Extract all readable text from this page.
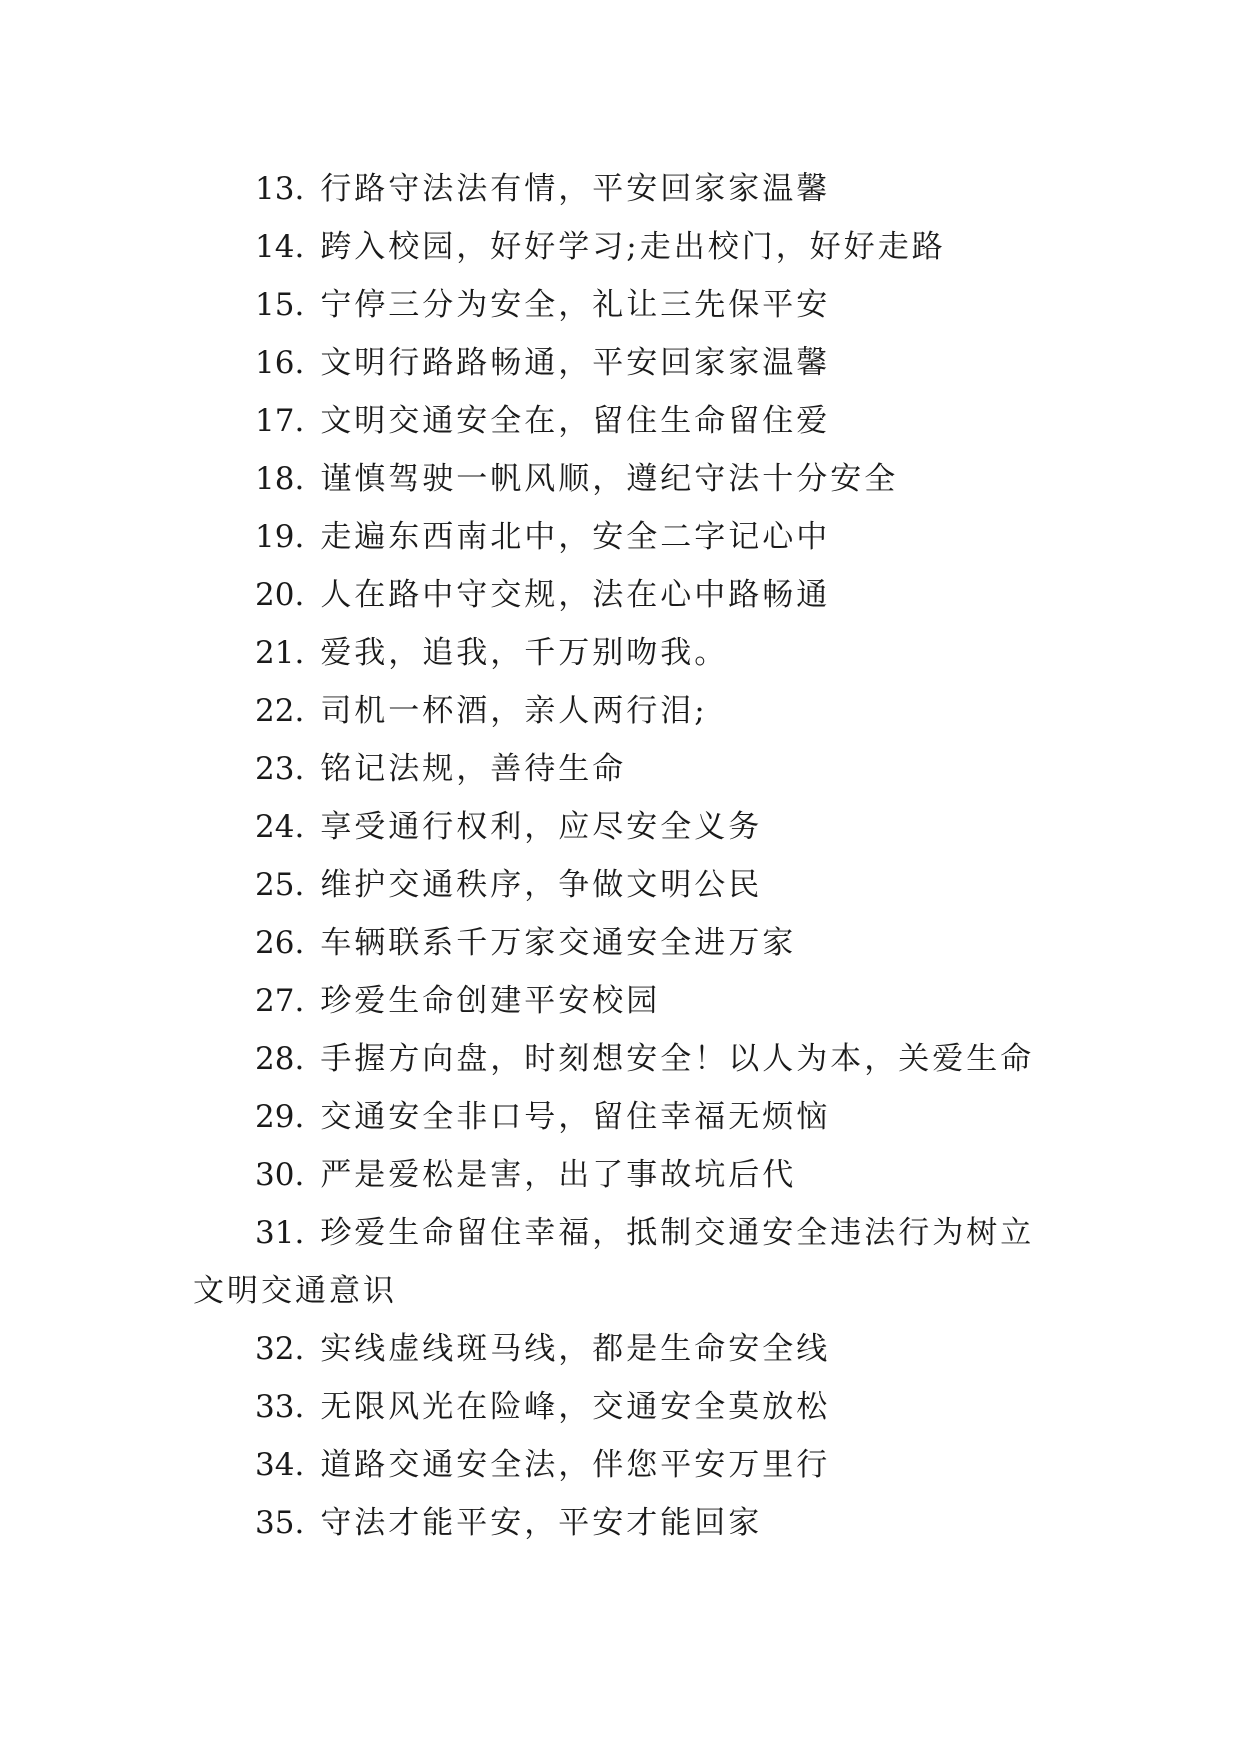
13. 行路守法法有情，平安回家家温馨
14. 跨入校园，好好学习;走出校门，好好走路
15. 宁停三分为安全，礼让三先保平安
16. 文明行路路畅通，平安回家家温馨
17. 文明交通安全在，留住生命留住爱
18. 谨慎驾驶一帆风顺，遵纪守法十分安全
19. 走遍东西南北中，安全二字记心中
20. 人在路中守交规，法在心中路畅通
21. 爱我，追我，千万别吻我。
22. 司机一杯酒，亲人两行泪;
23. 铭记法规，善待生命
24. 享受通行权利，应尽安全义务
25. 维护交通秩序，争做文明公民
26. 车辆联系千万家交通安全进万家
27. 珍爱生命创建平安校园
28. 手握方向盘，时刻想安全！以人为本，关爱生命
29. 交通安全非口号，留住幸福无烦恼
30. 严是爱松是害，出了事故坑后代
31. 珍爱生命留住幸福，抵制交通安全违法行为树立文明交通意识
32. 实线虚线斑马线，都是生命安全线
33. 无限风光在险峰，交通安全莫放松
34. 道路交通安全法，伴您平安万里行
35. 守法才能平安，平安才能回家
